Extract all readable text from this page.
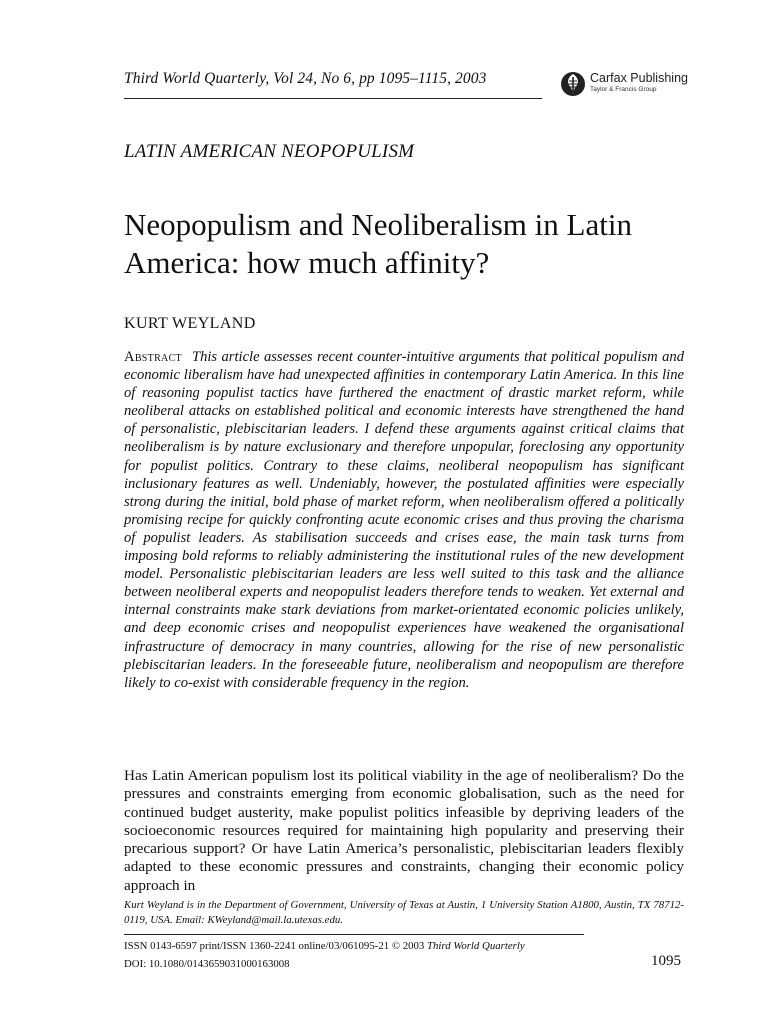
Third World Quarterly, Vol 24, No 6, pp 1095–1115, 2003	Carfax Publishing
Taylor & Francis Group
LATIN AMERICAN NEOPOPULISM
Neopopulism and Neoliberalism in Latin America: how much affinity?
KURT WEYLAND

Abstract This article assesses recent counter-intuitive arguments that political populism and economic liberalism have had unexpected affinities in contemporary Latin America. In this line of reasoning populist tactics have furthered the enactment of drastic market reform, while neoliberal attacks on established political and economic interests have strengthened the hand of personalistic, plebiscitarian leaders. I defend these arguments against critical claims that neoliberalism is by nature exclusionary and therefore unpopular, foreclosing any opportunity for populist politics. Contrary to these claims, neoliberal neopopulism has significant inclusionary features as well. Undeniably, however, the postulated affinities were especially strong during the initial, bold phase of market reform, when neoliberalism offered a politically promising recipe for quickly confronting acute economic crises and thus proving the charisma of populist leaders. As stabilisation succeeds and crises ease, the main task turns from imposing bold reforms to reliably administering the institutional rules of the new development model. Personalistic plebiscitarian leaders are less well suited to this task and the alliance between neoliberal experts and neopopulist leaders therefore tends to weaken. Yet external and internal constraints make stark deviations from market-orientated economic policies unlikely, and deep economic crises and neopopulist experiences have weakened the organisational infrastructure of democracy in many countries, allowing for the rise of new personalistic plebiscitarian leaders. In the foreseeable future, neoliberalism and neopopulism are therefore likely to co-exist with considerable frequency in the region.

Has Latin American populism lost its political viability in the age of neoliberalism? Do the pressures and constraints emerging from economic globalisation, such as the need for continued budget austerity, make populist politics infeasible by depriving leaders of the socioeconomic resources required for maintaining high popularity and preserving their precarious support? Or have Latin America’s personalistic, plebiscitarian leaders flexibly adapted to these economic pressures and constraints, changing their economic policy approach in

Kurt Weyland is in the Department of Government, University of Texas at Austin, 1 University Station A1800, Austin, TX 78712-0119, USA. Email: KWeyland@mail.la.utexas.edu.

ISSN 0143-6597 print/ISSN 1360-2241 online/03/061095-21 © 2003 Third World Quarterly
DOI: 10.1080/0143659031000163008	1095
